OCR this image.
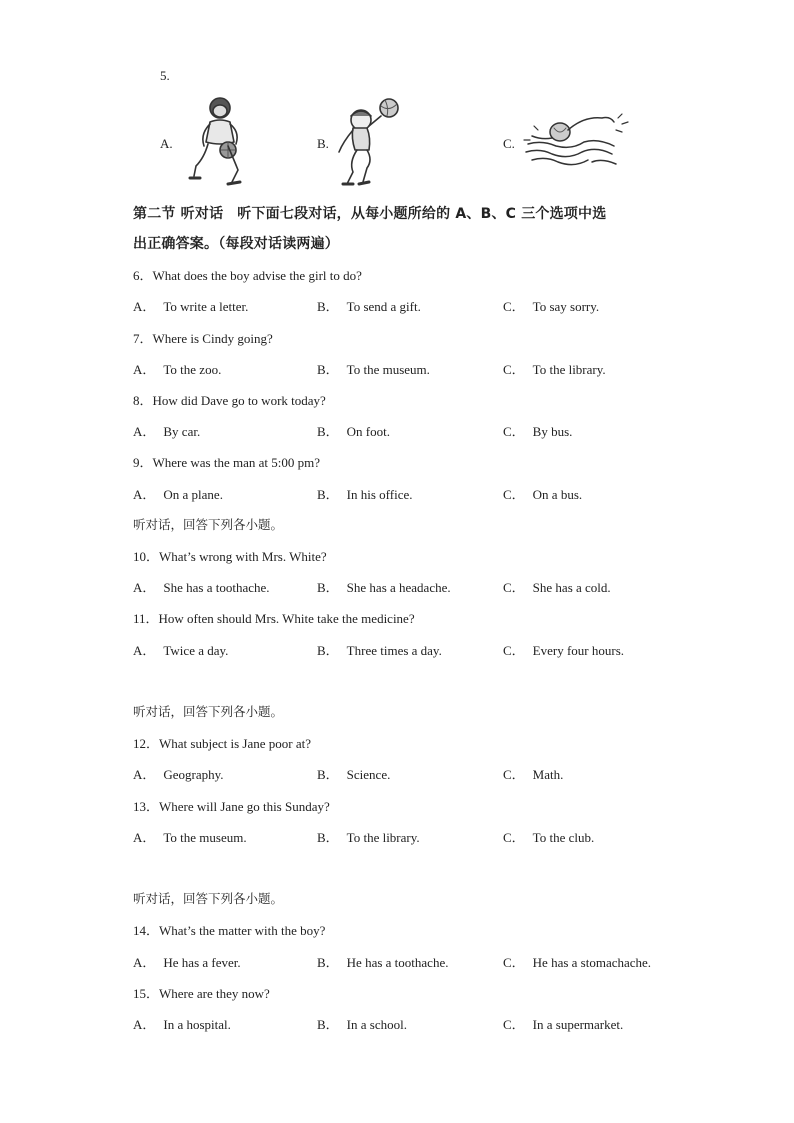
5.
A.	B.	C.
第二节 听对话 听下面七段对话，从每小题所给的 A、B、C 三个选项中选
出正确答案。（每段对话读两遍）
6．What does the boy advise the girl to do?
A． To write a letter.	B． To send a gift.	C． To say sorry.
7．Where is Cindy going?
A． To the zoo.	B． To the museum.	C． To the library.
8．How did Dave go to work today?
A． By car.	B． On foot.	C． By bus.
9．Where was the man at 5:00 pm?
A． On a plane.	B． In his office.	C． On a bus.
听对话，回答下列各小题。
10．What’s wrong with Mrs. White?
A． She has a toothache.	B． She has a headache.	C． She has a cold.
11．How often should Mrs. White take the medicine?
A． Twice a day.	B． Three times a day.	C． Every four hours.
听对话，回答下列各小题。
12．What subject is Jane poor at?
A． Geography.	B． Science.	C． Math.
13．Where will Jane go this Sunday?
A． To the museum.	B． To the library.	C． To the club.
听对话，回答下列各小题。
14．What’s the matter with the boy?
A． He has a fever.	B． He has a toothache.	C． He has a stomachache.
15．Where are they now?
A． In a hospital.	B． In a school.	C． In a supermarket.
